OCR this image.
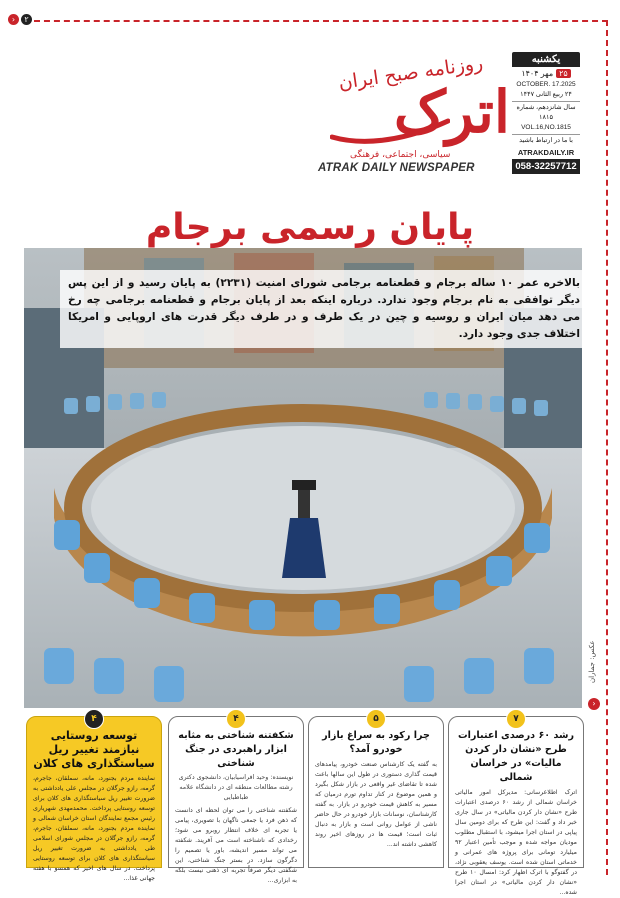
›	۲
روزنامه صبح ایران
اترک
سیاسی، اجتماعی، فرهنگی
ATRAK DAILY NEWSPAPER
یکشنبه
۲۵
مهر ۱۴۰۴
OCTOBER. 17.2025
۲۴ ربیع الثانی ۱۴۴۷
سال شانزدهم، شماره ۱۸۱۵
VOL.16,NO.1815
با ما در ارتباط باشید
ATRAKDAILY.IR
058-32257712
پایان رسمی برجام
عکس: جماران
›
بالاخره عمر ۱۰ ساله برجام و قطعنامه برجامی شورای امنیت (۲۲۳۱) به پایان رسید و از این پس دیگر توافقی به نام برجام وجود ندارد. درباره اینکه بعد از پایان برجام و قطعنامه برجامی چه رخ می دهد میان ایران و روسیه و چین در یک طرف و در طرف دیگر قدرت های اروپایی و امریکا اختلاف جدی وجود دارد.
۷
رشد ۶۰ درصدی اعتبارات طرح «نشان دار کردن مالیات» در خراسان شمالی
اترک اطلاعرسانی: مدیرکل امور مالیاتی خراسان شمالی از رشد ۶۰ درصدی اعتبارات طرح «نشان دار کردن مالیاتی» در سال جاری خبر داد و گفت: این طرح که برای دومین سال پیاپی در استان اجرا میشود، با استقبال مطلوب مودیان مواجه شده و موجب تأمین اعتبار ۹۲ میلیارد تومانی برای پروژه های عمرانی و خدماتی استان شده است. یوسف یعقوبی نژاد، در گفتوگو با اترک اظهار کرد: امسال ۱۰ طرح «نشان دار کردن مالیاتی» در استان اجرا شده...
۵
چرا رکود به سراغ بازار خودرو آمد؟
به گفته یک کارشناس صنعت خودرو، پیامدهای قیمت گذاری دستوری در طول این سالها باعث شده تا تقاضای غیر واقعی در بازار شکل بگیرد و همین موضوع در کنار تداوم تورم درمیان که مسیر به کاهش قیمت خودرو در بازار. به گفته کارشناسان، نوسانات بازار خودرو در حال حاضر ناشی از عوامل روانی است و بازار به دنبال ثبات است؛ قیمت ها در روزهای اخیر روند کاهشی داشته اند...
۴
شکفتنه شناختی به مثابه ابزار راهبردی در جنگ شناختی
نویسنده: وحید افراسیابیان، دانشجوی دکتری رشته مطالعات منطقه ای در دانشگاه علامه طباطبایی
شکفتنه شناختی را می توان لحظه ای دانست که ذهن فرد یا جمعی ناگهان با تصویری، پیامی یا تجربه ای خلاف انتظار روبرو می شود؛ رخدادی که ناشناخته است می آفریند. شکفته می تواند مسیر اندیشه، باور یا تصمیم را دگرگون سازد. در بستر جنگ شناختی، این شگفتی دیگر صرفاً تجربه ای ذهنی نیست بلکه به ابزاری...
۴
توسعه روستایی نیازمند تغییر ریل سیاستگذاری های کلان
نماینده مردم بجنورد، مانه، سملقان، جاجرم، گرمه، رازو جرگلان در مجلس علی یادداشتی به ضرورت تغییر ریل سیاستگذاری های کلان برای توسعه روستایی پرداخت. محمدمهدی شهریاری رئیس مجمع نمایندگان استان خراسان شمالی و نماینده مردم بجنورد، مانه، سملقان، جاجرم، گرمه، رازو جرگلان در مجلس شورای اسلامی طی یادداشتی به ضرورت تغییر ریل سیاستگذاری های کلان برای توسعه روستایی پرداخت. در سال های اخیر که همسو با هفته جهانی غذا...
